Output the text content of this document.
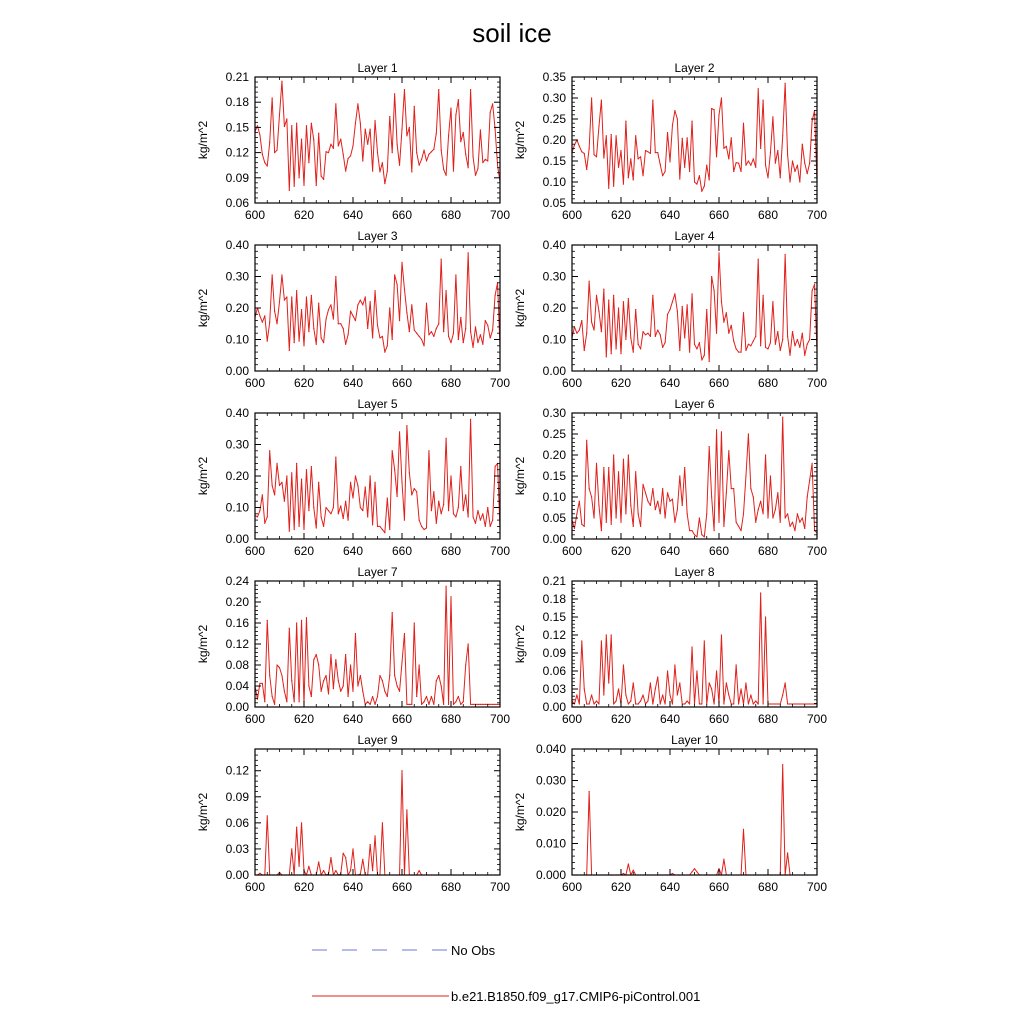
soil ice
600 620 640 660 680 700
0.06
0.09
0.12
0.15
0.18
0.21
Layer 1
kg/m^2
600 620 640 660 680 700
0.05
0.10
0.15
0.20
0.25
0.30
0.35
Layer 2
kg/m^2
600 620 640 660 680 700
0.00
0.10
0.20
0.30
0.40
Layer 3
kg/m^2
600 620 640 660 680 700
0.00
0.10
0.20
0.30
0.40
Layer 4
kg/m^2
600 620 640 660 680 700
0.00
0.10
0.20
0.30
0.40
Layer 5
kg/m^2
600 620 640 660 680 700
0.00
0.05
0.10
0.15
0.20
0.25
0.30
Layer 6
kg/m^2
600 620 640 660 680 700
0.00
0.04
0.08
0.12
0.16
0.20
0.24
Layer 7
kg/m^2
600 620 640 660 680 700
0.00
0.03
0.06
0.09
0.12
0.15
0.18
0.21
Layer 8
kg/m^2
600 620 640 660 680 700
0.00
0.03
0.06
0.09
0.12
Layer 9
kg/m^2
600 620 640 660 680 700
0.000
0.010
0.020
0.030
0.040
Layer 10
kg/m^2
No Obs
b.e21.B1850.f09_g17.CMIP6-piControl.001
